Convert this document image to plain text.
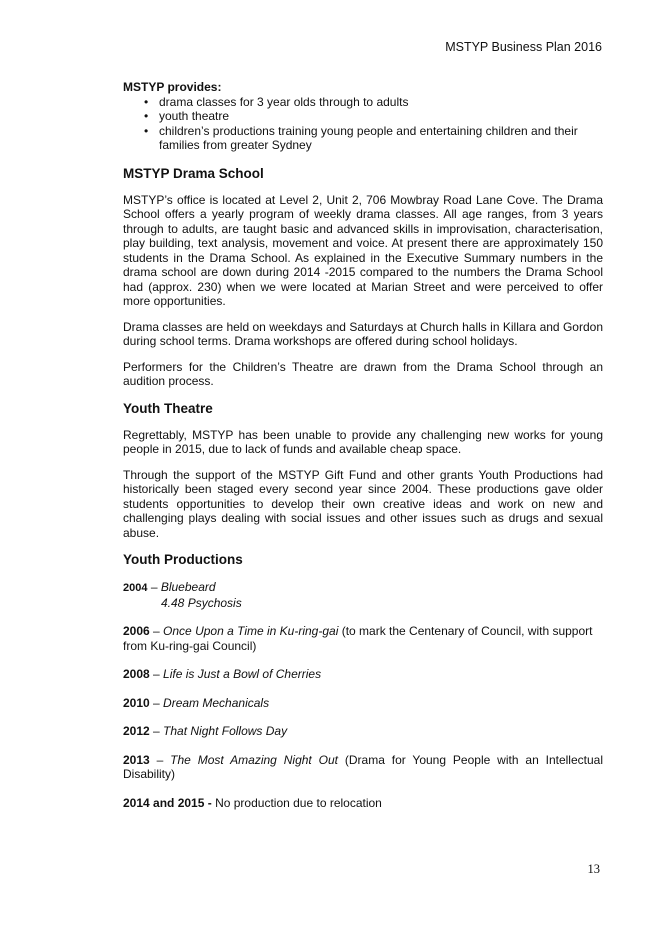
MSTYP Business Plan 2016
MSTYP provides:
• drama classes for 3 year olds through to adults
• youth theatre
• children’s productions training young people and entertaining children and their families from greater Sydney
MSTYP Drama School

MSTYP’s office is located at Level 2, Unit 2, 706 Mowbray Road Lane Cove. The Drama School offers a yearly program of weekly drama classes. All age ranges, from 3 years through to adults, are taught basic and advanced skills in improvisation, characterisation, play building, text analysis, movement and voice. At present there are approximately 150 students in the Drama School. As explained in the Executive Summary numbers in the drama school are down during 2014 -2015 compared to the numbers the Drama School had (approx. 230) when we were located at Marian Street and were perceived to offer more opportunities.

Drama classes are held on weekdays and Saturdays at Church halls in Killara and Gordon during school terms. Drama workshops are offered during school holidays.

Performers for the Children’s Theatre are drawn from the Drama School through an audition process.

Youth Theatre

Regrettably, MSTYP has been unable to provide any challenging new works for young people in 2015, due to lack of funds and available cheap space.

Through the support of the MSTYP Gift Fund and other grants Youth Productions had historically been staged every second year since 2004. These productions gave older students opportunities to develop their own creative ideas and work on new and challenging plays dealing with social issues and other issues such as drugs and sexual abuse.

Youth Productions
2004 – Bluebeard
4.48 Psychosis
2006 – Once Upon a Time in Ku-ring-gai (to mark the Centenary of Council, with support from Ku-ring-gai Council)
2008 – Life is Just a Bowl of Cherries
2010 – Dream Mechanicals
2012 – That Night Follows Day
2013 – The Most Amazing Night Out (Drama for Young People with an Intellectual Disability)
2014 and 2015 - No production due to relocation
13
